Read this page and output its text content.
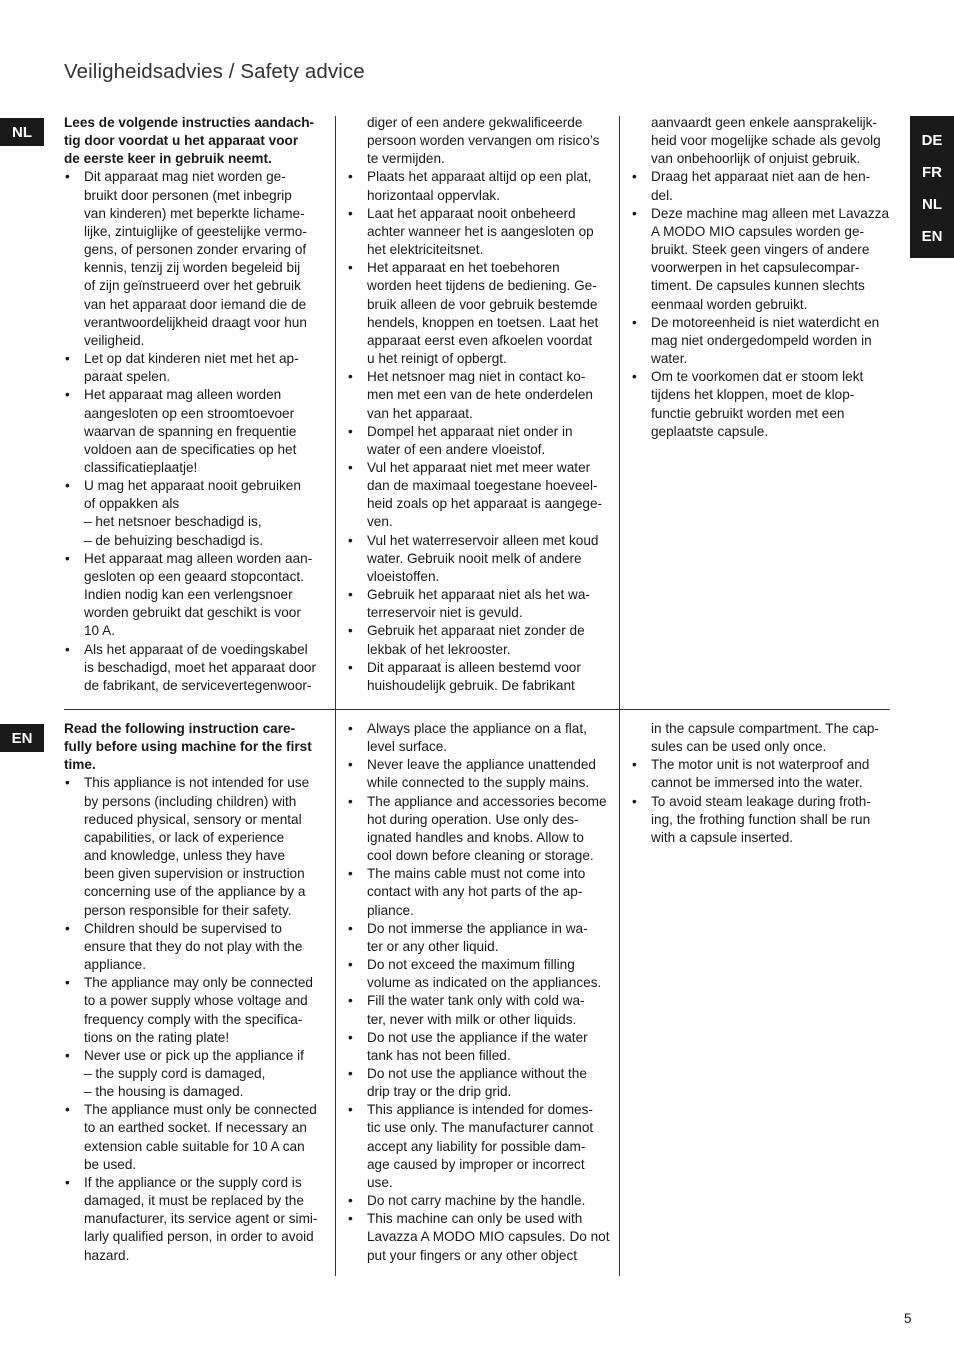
Veiligheidsadvies / Safety advice
NL
EN
DE
FR
NL
EN

Lees de volgende instructies aandach-
tig door voordat u het apparaat voor
de eerste keer in gebruik neemt.

• Dit apparaat mag niet worden ge-
bruikt door personen (met inbegrip
van kinderen) met beperkte lichame-
lijke, zintuiglijke of geestelijke vermo-
gens, of personen zonder ervaring of
kennis, tenzij zij worden begeleid bij
of zijn geïnstrueerd over het gebruik
van het apparaat door iemand die de
verantwoordelijkheid draagt voor hun
veiligheid.
• Let op dat kinderen niet met het ap-
paraat spelen.
• Het apparaat mag alleen worden
aangesloten op een stroomtoevoer
waarvan de spanning en frequentie
voldoen aan de specificaties op het
classificatieplaatje!
• U mag het apparaat nooit gebruiken
of oppakken als
– het netsnoer beschadigd is,
– de behuizing beschadigd is.
• Het apparaat mag alleen worden aan-
gesloten op een geaard stopcontact.
Indien nodig kan een verlengsnoer
worden gebruikt dat geschikt is voor
10 A.
• Als het apparaat of de voedingskabel
is beschadigd, moet het apparaat door
de fabrikant, de servicevertegenwoor-
diger of een andere gekwalificeerde
persoon worden vervangen om risico’s
te vermijden.
• Plaats het apparaat altijd op een plat,
horizontaal oppervlak.
• Laat het apparaat nooit onbeheerd
achter wanneer het is aangesloten op
het elektriciteitsnet.
• Het apparaat en het toebehoren
worden heet tijdens de bediening. Ge-
bruik alleen de voor gebruik bestemde
hendels, knoppen en toetsen. Laat het
apparaat eerst even afkoelen voordat
u het reinigt of opbergt.
• Het netsnoer mag niet in contact ko-
men met een van de hete onderdelen
van het apparaat.
• Dompel het apparaat niet onder in
water of een andere vloeistof.
• Vul het apparaat niet met meer water
dan de maximaal toegestane hoeveel-
heid zoals op het apparaat is aangege-
ven.
• Vul het waterreservoir alleen met koud
water. Gebruik nooit melk of andere
vloeistoffen.
• Gebruik het apparaat niet als het wa-
terreservoir niet is gevuld.
• Gebruik het apparaat niet zonder de
lekbak of het lekrooster.
• Dit apparaat is alleen bestemd voor
huishoudelijk gebruik. De fabrikant
aanvaardt geen enkele aansprakelijk-
heid voor mogelijke schade als gevolg
van onbehoorlijk of onjuist gebruik.
• Draag het apparaat niet aan de hen-
del.
• Deze machine mag alleen met Lavazza
A MODO MIO capsules worden ge-
bruikt. Steek geen vingers of andere
voorwerpen in het capsulecompar-
timent. De capsules kunnen slechts
eenmaal worden gebruikt.
• De motoreenheid is niet waterdicht en
mag niet ondergedompeld worden in
water.
• Om te voorkomen dat er stoom lekt
tijdens het kloppen, moet de klop-
functie gebruikt worden met een
geplaatste capsule.

Read the following instruction care-
fully before using machine for the first
time.

• This appliance is not intended for use
by persons (including children) with
reduced physical, sensory or mental
capabilities, or lack of experience
and knowledge, unless they have
been given supervision or instruction
concerning use of the appliance by a
person responsible for their safety.
• Children should be supervised to
ensure that they do not play with the
appliance.
• The appliance may only be connected
to a power supply whose voltage and
frequency comply with the specifica-
tions on the rating plate!
• Never use or pick up the appliance if
– the supply cord is damaged,
– the housing is damaged.
• The appliance must only be connected
to an earthed socket. If necessary an
extension cable suitable for 10 A can
be used.
• If the appliance or the supply cord is
damaged, it must be replaced by the
manufacturer, its service agent or simi-
larly qualified person, in order to avoid
hazard.
• Always place the appliance on a flat,
level surface.
• Never leave the appliance unattended
while connected to the supply mains.
• The appliance and accessories become
hot during operation. Use only des-
ignated handles and knobs. Allow to
cool down before cleaning or storage.
• The mains cable must not come into
contact with any hot parts of the ap-
pliance.
• Do not immerse the appliance in wa-
ter or any other liquid.
• Do not exceed the maximum filling
volume as indicated on the appliances.
• Fill the water tank only with cold wa-
ter, never with milk or other liquids.
• Do not use the appliance if the water
tank has not been filled.
• Do not use the appliance without the
drip tray or the drip grid.
• This appliance is intended for domes-
tic use only. The manufacturer cannot
accept any liability for possible dam-
age caused by improper or incorrect
use.
• Do not carry machine by the handle.
• This machine can only be used with
Lavazza A MODO MIO capsules. Do not
put your fingers or any other object
in the capsule compartment. The cap-
sules can be used only once.
• The motor unit is not waterproof and
cannot be immersed into the water.
• To avoid steam leakage during froth-
ing, the frothing function shall be run
with a capsule inserted.
5
